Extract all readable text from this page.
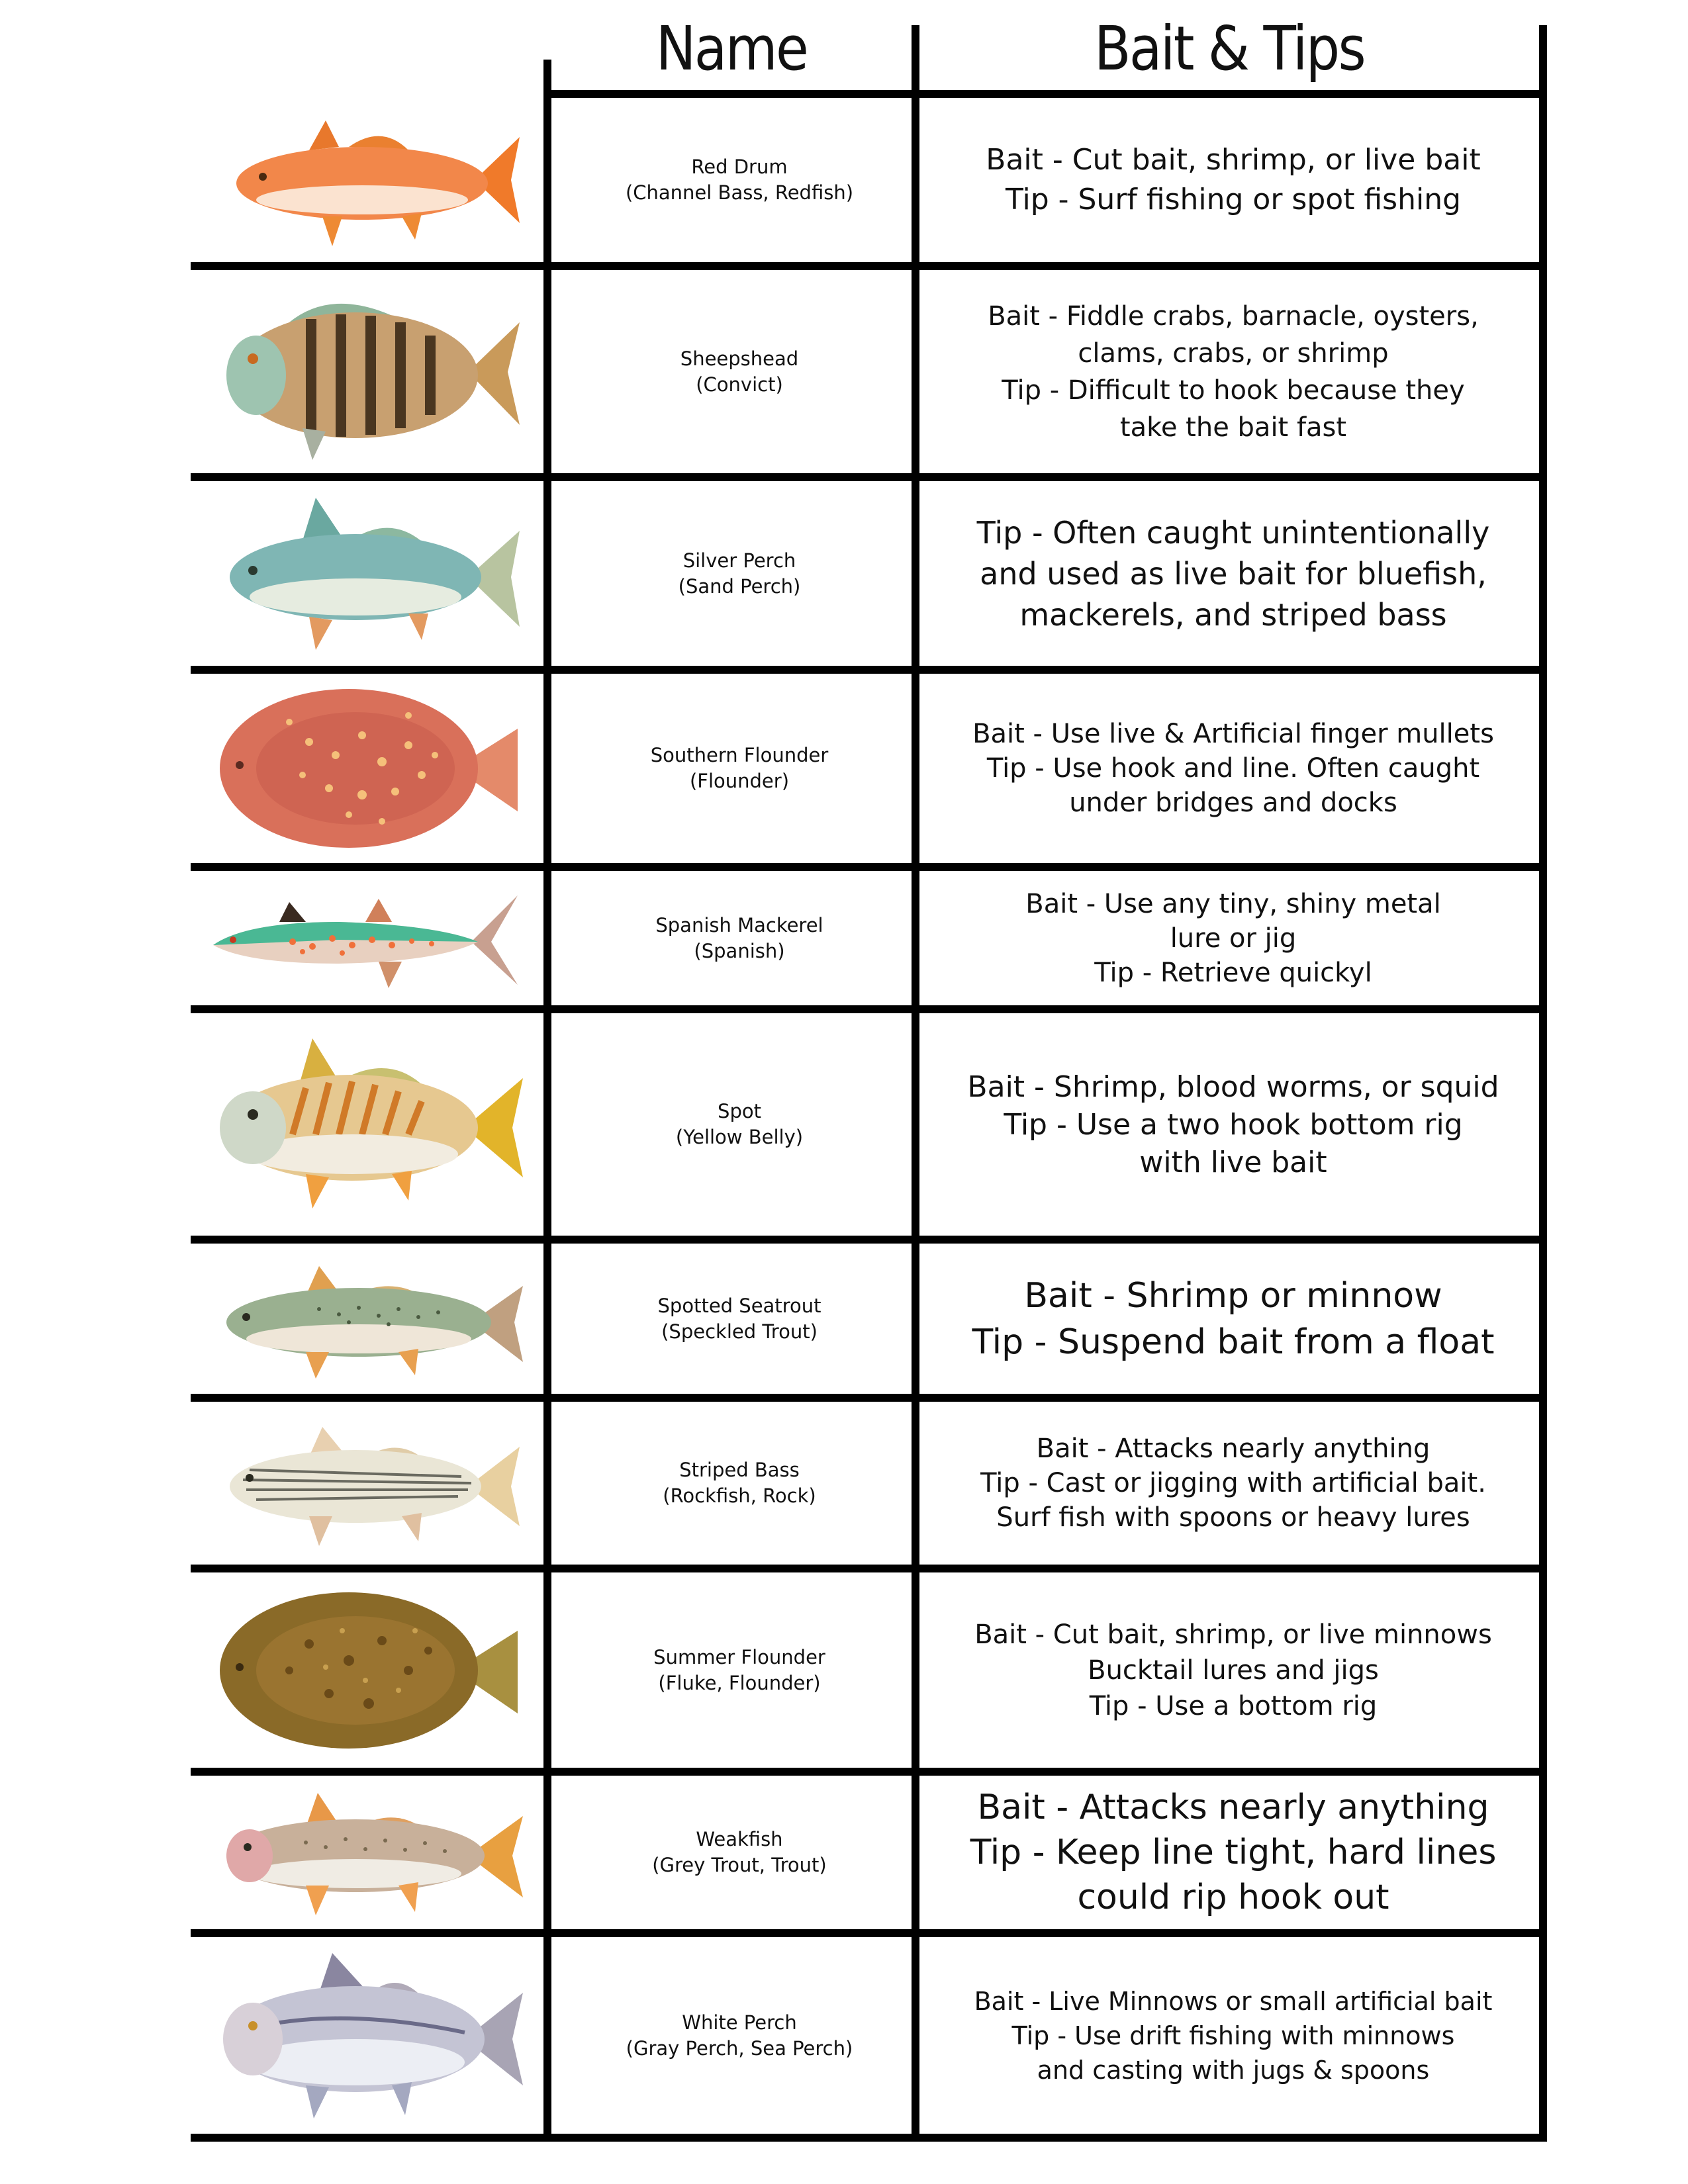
Name	Bait & Tips
Red Drum
(Channel Bass, Redfish)
Bait - Cut bait, shrimp, or live bait
Tip - Surf fishing or spot fishing
Sheepshead
(Convict)
Bait - Fiddle crabs, barnacle, oysters,
clams, crabs, or shrimp
Tip - Difficult to hook because they
take the bait fast
Silver Perch
(Sand Perch)
Tip - Often caught unintentionally
and used as live bait for bluefish,
mackerels, and striped bass
Southern Flounder
(Flounder)
Bait - Use live & Artificial finger mullets
Tip - Use hook and line. Often caught
under bridges and docks
Spanish Mackerel
(Spanish)
Bait - Use any tiny, shiny metal
lure or jig
Tip - Retrieve quickyl
Spot
(Yellow Belly)
Bait - Shrimp, blood worms, or squid
Tip - Use a two hook bottom rig
with live bait
Spotted Seatrout
(Speckled Trout)
Bait - Shrimp or minnow
Tip - Suspend bait from a float
Striped Bass
(Rockfish, Rock)
Bait - Attacks nearly anything
Tip - Cast or jigging with artificial bait.
Surf fish with spoons or heavy lures
Summer Flounder
(Fluke, Flounder)
Bait - Cut bait, shrimp, or live minnows
Bucktail lures and jigs
Tip - Use a bottom rig
Weakfish
(Grey Trout, Trout)
Bait - Attacks nearly anything
Tip - Keep line tight, hard lines
could rip hook out
White Perch
(Gray Perch, Sea Perch)
Bait - Live Minnows or small artificial bait
Tip - Use drift fishing with minnows
and casting with jugs & spoons
